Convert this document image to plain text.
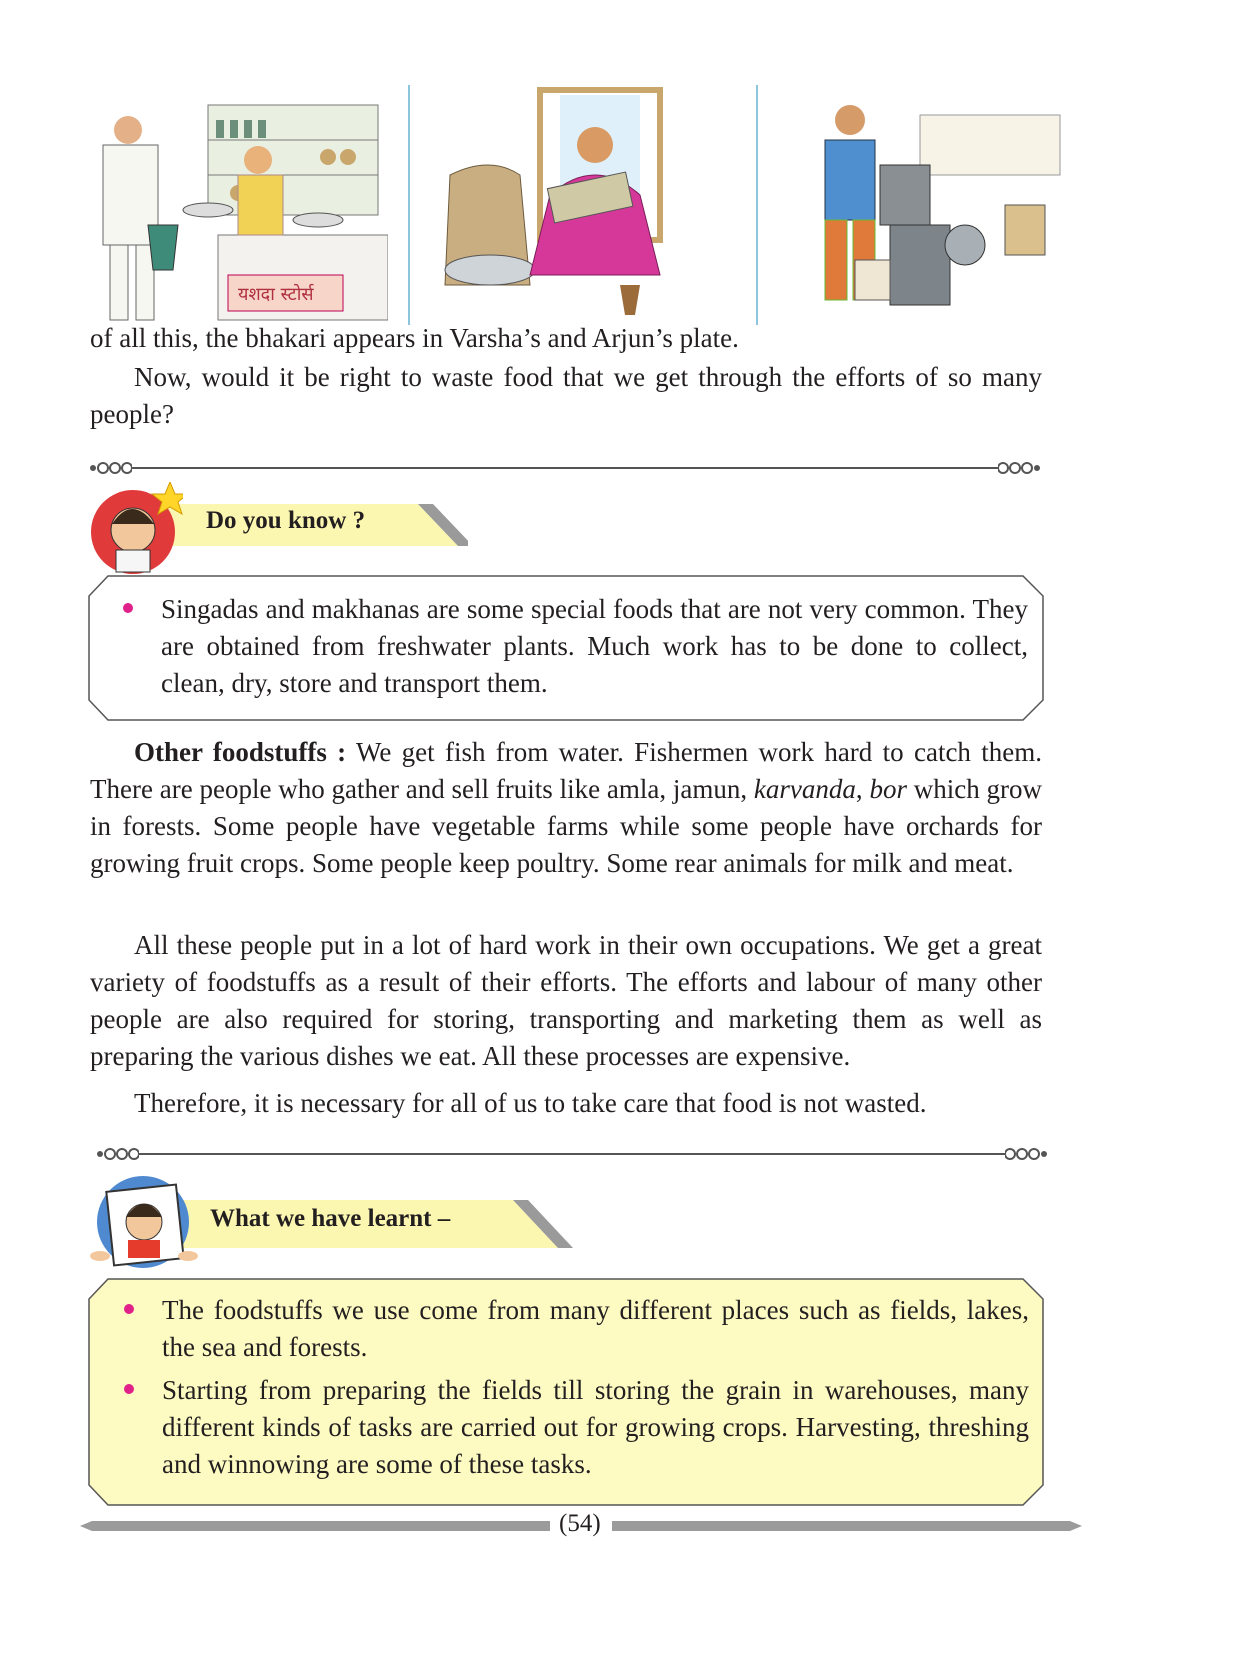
यशदा स्टोर्स

of all this, the bhakari appears in Varsha’s and Arjun’s plate.

Now, would it be right to waste food that we get through the efforts of so many people?

Do you know ?
Singadas and makhanas are some special foods that are not very common. They are obtained from freshwater plants. Much work has to be done to collect, clean, dry, store and transport them.

Other foodstuffs : We get fish from water. Fishermen work hard to catch them. There are people who gather and sell fruits like amla, jamun, karvanda, bor which grow in forests. Some people have vegetable farms while some people have orchards for growing fruit crops. Some people keep poultry. Some rear animals for milk and meat.

All these people put in a lot of hard work in their own occupations. We get a great variety of foodstuffs as a result of their efforts. The efforts and labour of many other people are also required for storing, transporting and marketing them as well as preparing the various dishes we eat. All these processes are expensive.

Therefore, it is necessary for all of us to take care that food is not wasted.

What we have learnt –
The foodstuffs we use come from many different places such as fields, lakes, the sea and forests.
Starting from preparing the fields till storing the grain in warehouses, many different kinds of tasks are carried out for growing crops. Harvesting, threshing and winnowing are some of these tasks.
(54)
